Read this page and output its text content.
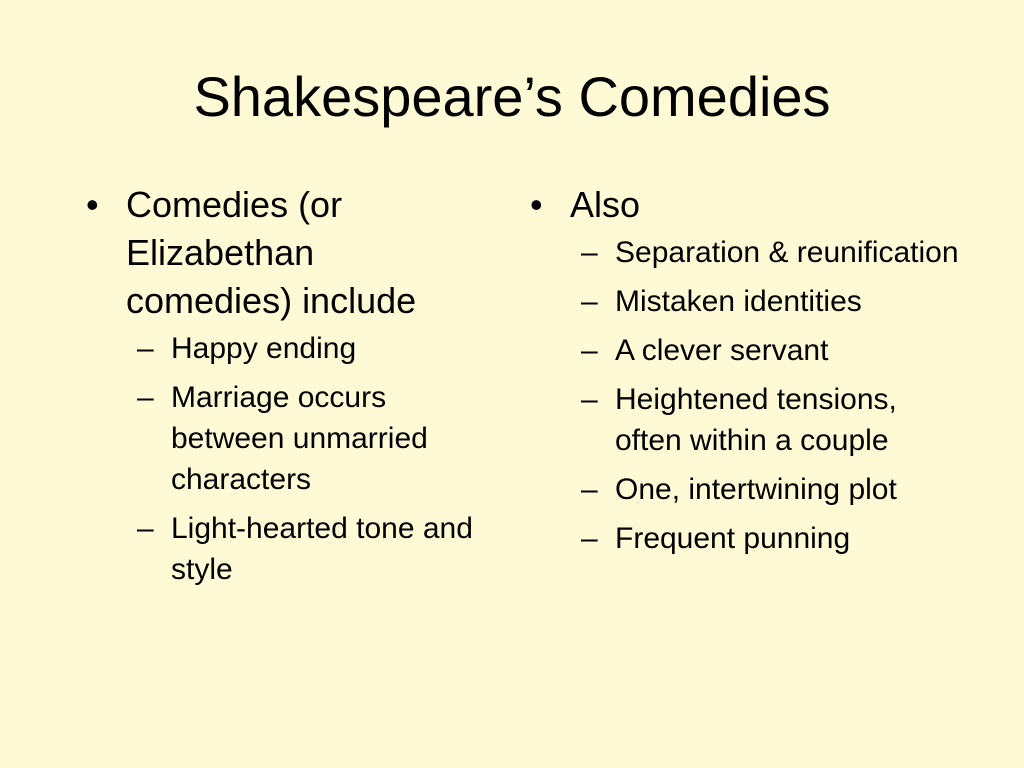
Shakespeare’s Comedies
• Comedies (or Elizabethan comedies) include
– Happy ending
– Marriage occurs between unmarried characters
– Light-hearted tone and style
• Also
– Separation & reunification
– Mistaken identities
– A clever servant
– Heightened tensions, often within a couple
– One, intertwining plot
– Frequent punning
